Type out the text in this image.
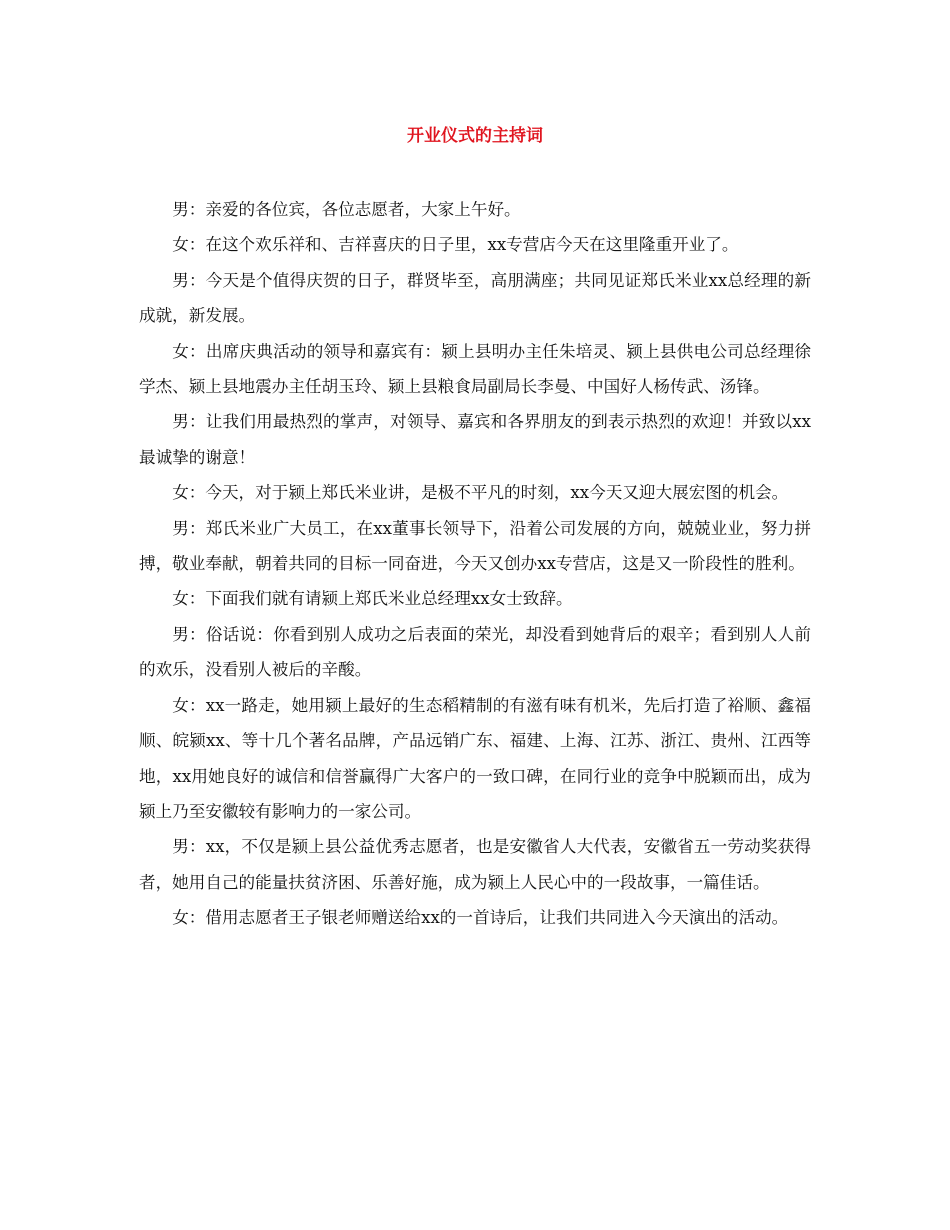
开业仪式的主持词

男：亲爱的各位宾，各位志愿者，大家上午好。

女：在这个欢乐祥和、吉祥喜庆的日子里，xx专营店今天在这里隆重开业了。

男：今天是个值得庆贺的日子，群贤毕至，高朋满座；共同见证郑氏米业xx总经理的新成就，新发展。

女：出席庆典活动的领导和嘉宾有：颍上县明办主任朱培灵、颍上县供电公司总经理徐学杰、颍上县地震办主任胡玉玲、颍上县粮食局副局长李曼、中国好人杨传武、汤锋。

男：让我们用最热烈的掌声，对领导、嘉宾和各界朋友的到表示热烈的欢迎！并致以xx最诚挚的谢意！

女：今天，对于颍上郑氏米业讲，是极不平凡的时刻，xx今天又迎大展宏图的机会。

男：郑氏米业广大员工，在xx董事长领导下，沿着公司发展的方向，兢兢业业，努力拼搏，敬业奉献，朝着共同的目标一同奋进，今天又创办xx专营店，这是又一阶段性的胜利。

女：下面我们就有请颍上郑氏米业总经理xx女士致辞。

男：俗话说：你看到别人成功之后表面的荣光，却没看到她背后的艰辛；看到别人人前的欢乐，没看别人被后的辛酸。

女：xx一路走，她用颍上最好的生态稻精制的有滋有味有机米，先后打造了裕顺、鑫福顺、皖颍xx、等十几个著名品牌，产品远销广东、福建、上海、江苏、浙江、贵州、江西等地，xx用她良好的诚信和信誉赢得广大客户的一致口碑，在同行业的竞争中脱颖而出，成为颍上乃至安徽较有影响力的一家公司。

男：xx，不仅是颍上县公益优秀志愿者，也是安徽省人大代表，安徽省五一劳动奖获得者，她用自己的能量扶贫济困、乐善好施，成为颍上人民心中的一段故事，一篇佳话。

女：借用志愿者王子银老师赠送给xx的一首诗后，让我们共同进入今天演出的活动。
